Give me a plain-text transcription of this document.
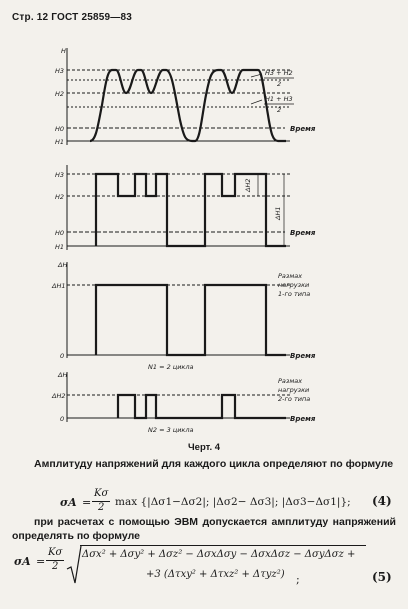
Стр. 12 ГОСТ 25859—83
H
H3
H2
H0
H1
H3 + H2
2
H1 + H3
2
Время
H3
H2
H0
H1
ΔH2
ΔH1
Время
ΔH
ΔH1
0
Размах
нагрузки
1-го типа
Время
N1 = 2 цикла
ΔH
ΔH2
0
Размах
нагрузки
2-го типа
Время
N2 = 3 цикла
Черт. 4
Амплитуду напряжений для каждого цикла определяют по формуле
σA =
Kσ
2 max {|Δσ1−Δσ2|; |Δσ2− Δσ3|; |Δσ3−Δσ1|}; (4)
при расчетах с помощью ЭВМ допускается амплитуду напряжений определять по формуле
σA =
Kσ
2
Δσx² + Δσy² + Δσz² − ΔσxΔσy − ΔσxΔσz − ΔσyΔσz +
+3 (Δτxy² + Δτxz² + Δτyz²) ;	(5)
